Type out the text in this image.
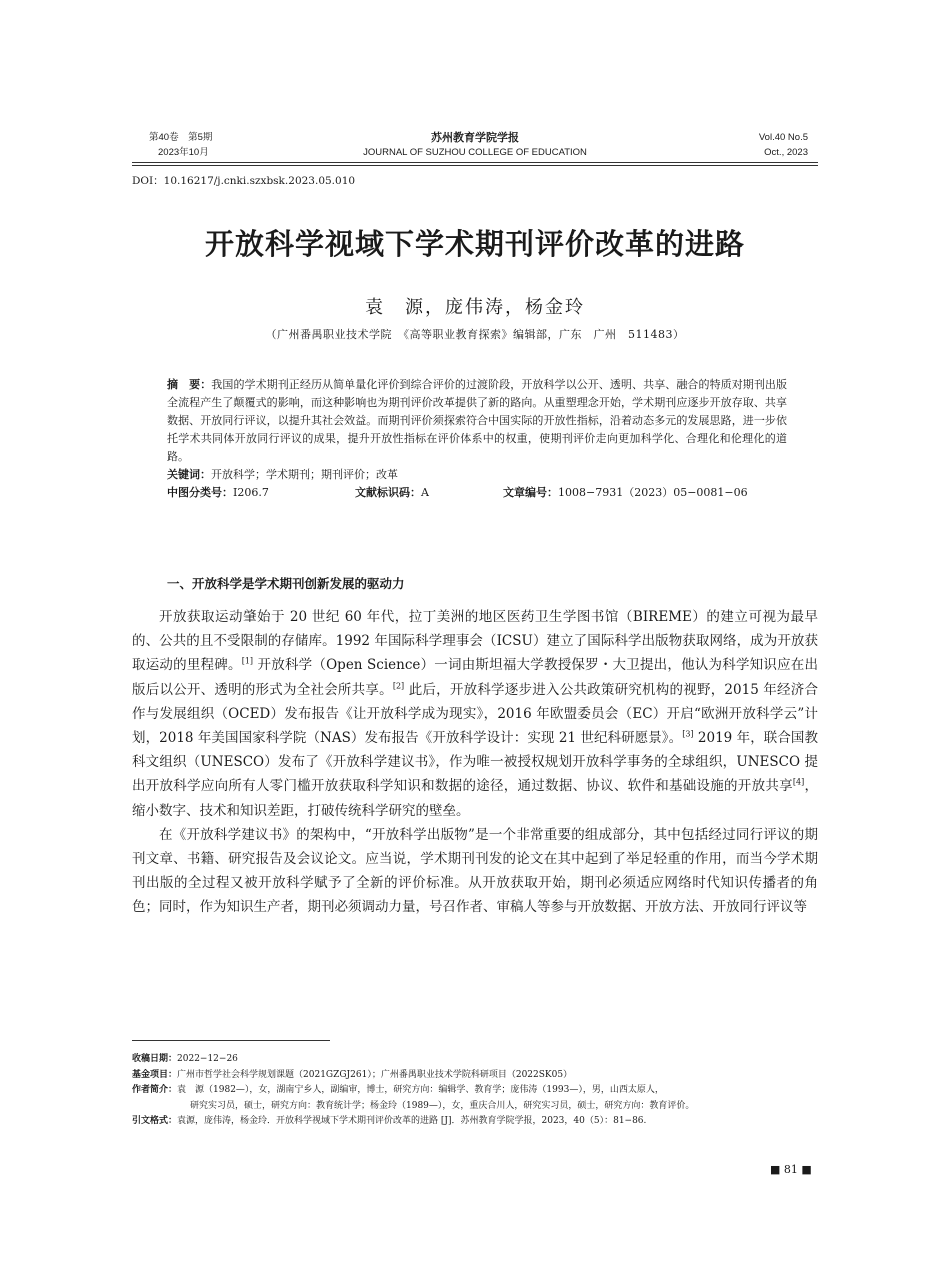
第40卷　第5期
2023年10月
苏州教育学院学报
JOURNAL OF SUZHOU COLLEGE OF EDUCATION
Vol.40 No.5
Oct., 2023
DOI：10.16217/j.cnki.szxbsk.2023.05.010
开放科学视域下学术期刊评价改革的进路
袁　源，庞伟涛，杨金玲
（广州番禺职业技术学院　《高等职业教育探索》编辑部，广东　广州　511483）
摘　要：我国的学术期刊正经历从简单量化评价到综合评价的过渡阶段，开放科学以公开、透明、共享、融合的特质对期刊出版全流程产生了颠覆式的影响，而这种影响也为期刊评价改革提供了新的路向。从重塑理念开始，学术期刊应逐步开放存取、共享数据、开放同行评议，以提升其社会效益。而期刊评价须探索符合中国实际的开放性指标，沿着动态多元的发展思路，进一步依托学术共同体开放同行评议的成果，提升开放性指标在评价体系中的权重，使期刊评价走向更加科学化、合理化和伦理化的道路。
关键词：开放科学；学术期刊；期刊评价；改革
中图分类号：I206.7	文献标识码：A	文章编号：1008−7931（2023）05−0081−06
一、开放科学是学术期刊创新发展的驱动力

开放获取运动肇始于 20 世纪 60 年代，拉丁美洲的地区医药卫生学图书馆（BIREME）的建立可视为最早的、公共的且不受限制的存储库。1992 年国际科学理事会（ICSU）建立了国际科学出版物获取网络，成为开放获取运动的里程碑。[1] 开放科学（Open Science）一词由斯坦福大学教授保罗・大卫提出，他认为科学知识应在出版后以公开、透明的形式为全社会所共享。[2] 此后，开放科学逐步进入公共政策研究机构的视野，2015 年经济合作与发展组织（OCED）发布报告《让开放科学成为现实》，2016 年欧盟委员会（EC）开启“欧洲开放科学云”计划，2018 年美国国家科学院（NAS）发布报告《开放科学设计：实现 21 世纪科研愿景》。[3] 2019 年，联合国教科文组织（UNESCO）发布了《开放科学建议书》，作为唯一被授权规划开放科学事务的全球组织，UNESCO 提出开放科学应向所有人零门槛开放获取科学知识和数据的途径，通过数据、协议、软件和基础设施的开放共享[4]，缩小数字、技术和知识差距，打破传统科学研究的壁垒。

在《开放科学建议书》的架构中，“开放科学出版物”是一个非常重要的组成部分，其中包括经过同行评议的期刊文章、书籍、研究报告及会议论文。应当说，学术期刊刊发的论文在其中起到了举足轻重的作用，而当今学术期刊出版的全过程又被开放科学赋予了全新的评价标准。从开放获取开始，期刊必须适应网络时代知识传播者的角色；同时，作为知识生产者，期刊必须调动力量，号召作者、审稿人等参与开放数据、开放方法、开放同行评议等

收稿日期：2022−12−26
基金项目：广州市哲学社会科学规划课题（2021GZGJ261）；广州番禺职业技术学院科研项目（2022SK05）
作者简介：袁　源（1982—），女，湖南宁乡人，副编审，博士，研究方向：编辑学、教育学；庞伟涛（1993—），男，山西太原人，
研究实习员，硕士，研究方向：教育统计学；杨金玲（1989—），女，重庆合川人，研究实习员，硕士，研究方向：教育评价。
引文格式：袁源，庞伟涛，杨金玲．开放科学视域下学术期刊评价改革的进路 [J]．苏州教育学院学报，2023，40（5）：81−86.
■ 81 ■
